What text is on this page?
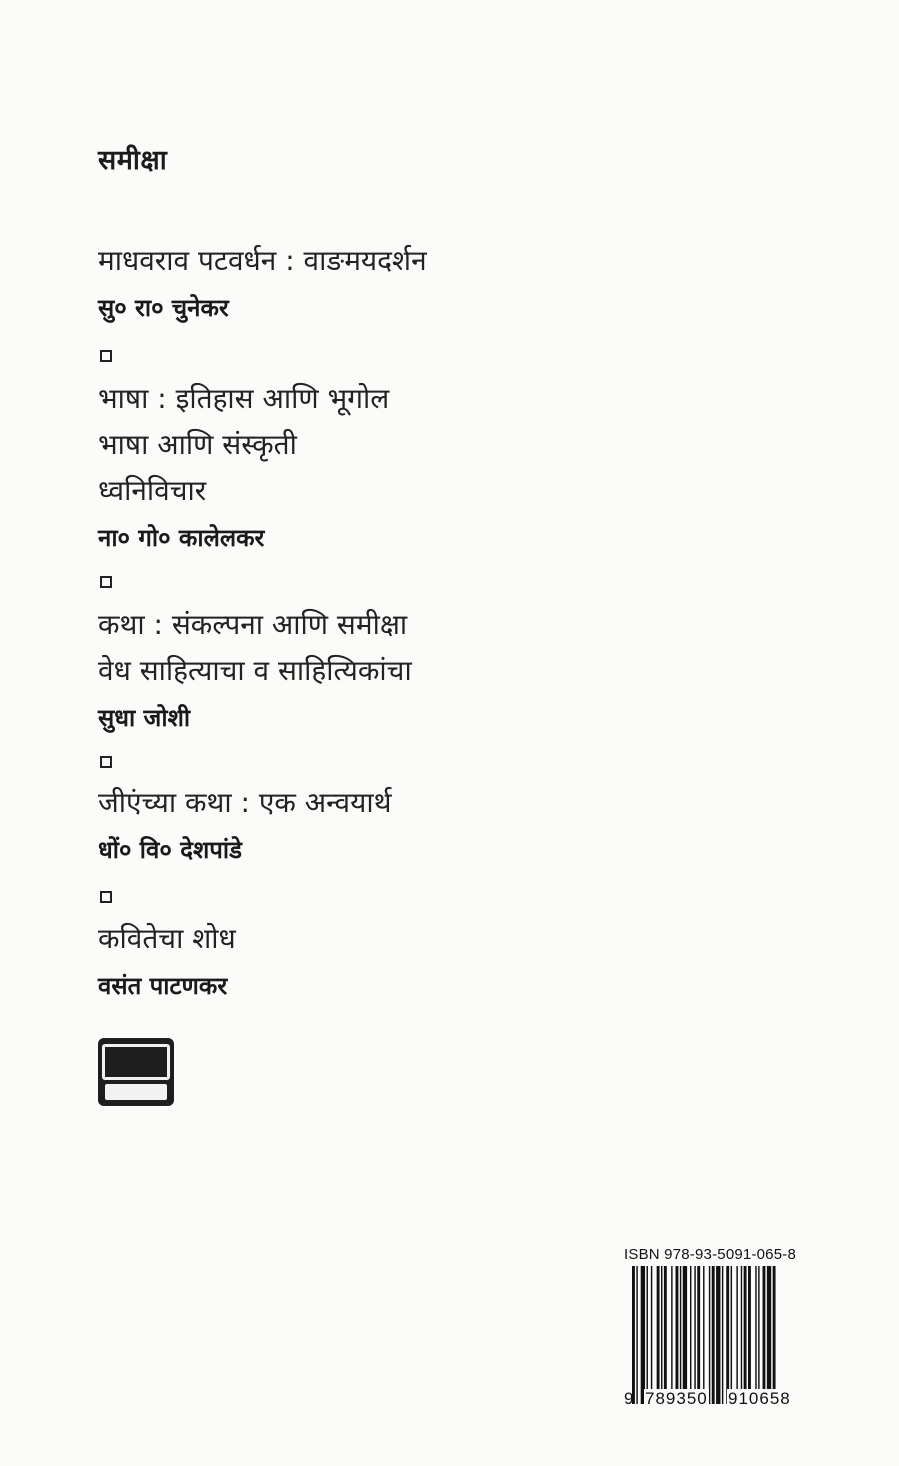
समीक्षा
माधवराव पटवर्धन : वाङमयदर्शन
सु० रा० चुनेकर
भाषा : इतिहास आणि भूगोल
भाषा आणि संस्कृती
ध्वनिविचार
ना० गो० कालेलकर
कथा : संकल्पना आणि समीक्षा
वेध साहित्याचा व साहित्यिकांचा
सुधा जोशी
जीएंच्या कथा : एक अन्वयार्थ
धों० वि० देशपांडे
कवितेचा शोध
वसंत पाटणकर
ISBN 978-93-5091-065-8
9 789350 910658
